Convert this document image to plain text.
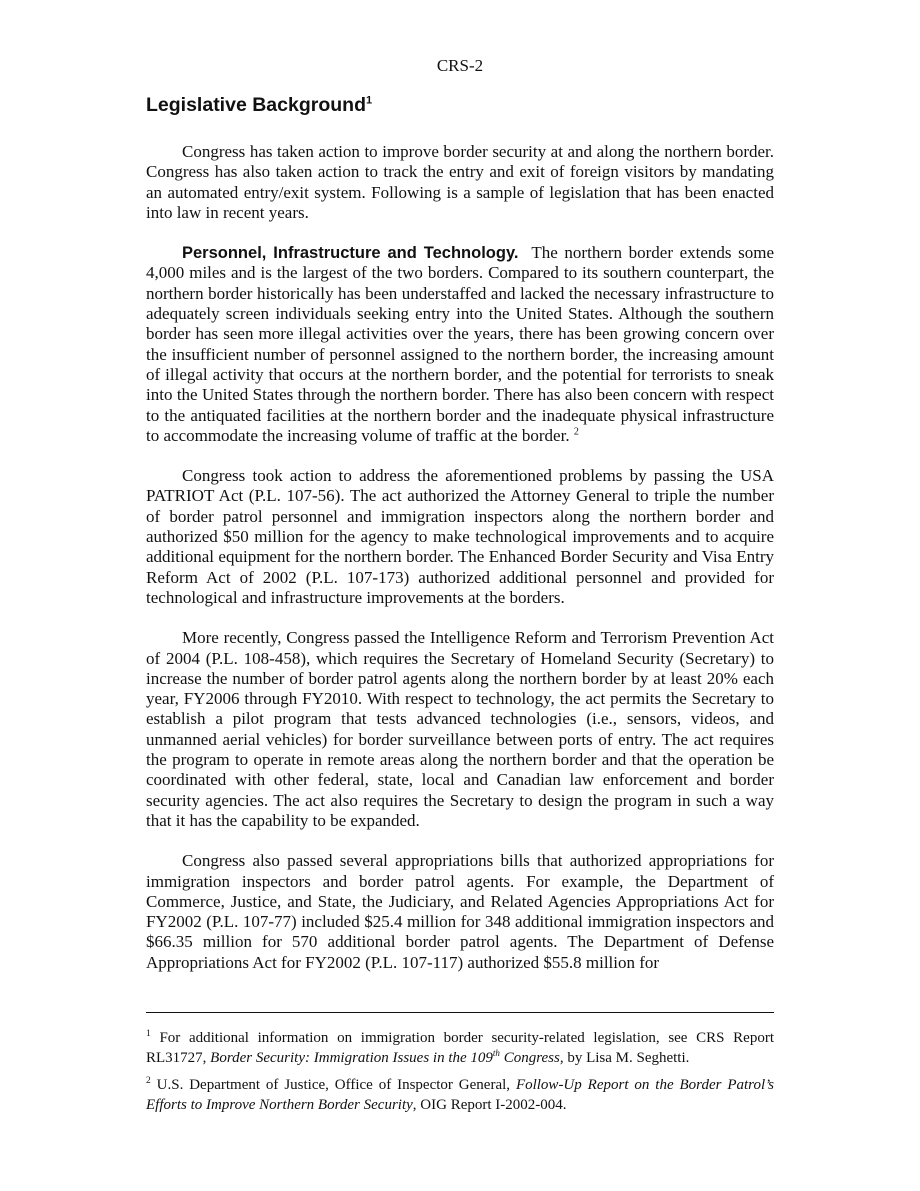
CRS-2
Legislative Background$^1$

Congress has taken action to improve border security at and along the northern border. Congress has also taken action to track the entry and exit of foreign visitors by mandating an automated entry/exit system. Following is a sample of legislation that has been enacted into law in recent years.

Personnel, Infrastructure and Technology. The northern border extends some 4,000 miles and is the largest of the two borders. Compared to its southern counterpart, the northern border historically has been understaffed and lacked the necessary infrastructure to adequately screen individuals seeking entry into the United States. Although the southern border has seen more illegal activities over the years, there has been growing concern over the insufficient number of personnel assigned to the northern border, the increasing amount of illegal activity that occurs at the northern border, and the potential for terrorists to sneak into the United States through the northern border. There has also been concern with respect to the antiquated facilities at the northern border and the inadequate physical infrastructure to accommodate the increasing volume of traffic at the border. $^2$

Congress took action to address the aforementioned problems by passing the USA PATRIOT Act (P.L. 107-56). The act authorized the Attorney General to triple the number of border patrol personnel and immigration inspectors along the northern border and authorized $50 million for the agency to make technological improvements and to acquire additional equipment for the northern border. The Enhanced Border Security and Visa Entry Reform Act of 2002 (P.L. 107-173) authorized additional personnel and provided for technological and infrastructure improvements at the borders.

More recently, Congress passed the Intelligence Reform and Terrorism Prevention Act of 2004 (P.L. 108-458), which requires the Secretary of Homeland Security (Secretary) to increase the number of border patrol agents along the northern border by at least 20% each year, FY2006 through FY2010. With respect to technology, the act permits the Secretary to establish a pilot program that tests advanced technologies (i.e., sensors, videos, and unmanned aerial vehicles) for border surveillance between ports of entry. The act requires the program to operate in remote areas along the northern border and that the operation be coordinated with other federal, state, local and Canadian law enforcement and border security agencies. The act also requires the Secretary to design the program in such a way that it has the capability to be expanded.

Congress also passed several appropriations bills that authorized appropriations for immigration inspectors and border patrol agents. For example, the Department of Commerce, Justice, and State, the Judiciary, and Related Agencies Appropriations Act for FY2002 (P.L. 107-77) included $25.4 million for 348 additional immigration inspectors and $66.35 million for 570 additional border patrol agents. The Department of Defense Appropriations Act for FY2002 (P.L. 107-117) authorized $55.8 million for

$^1$ For additional information on immigration border security-related legislation, see CRS Report RL31727, Border Security: Immigration Issues in the 109th Congress, by Lisa M. Seghetti.

$^2$ U.S. Department of Justice, Office of Inspector General, Follow-Up Report on the Border Patrol’s Efforts to Improve Northern Border Security, OIG Report I-2002-004.
